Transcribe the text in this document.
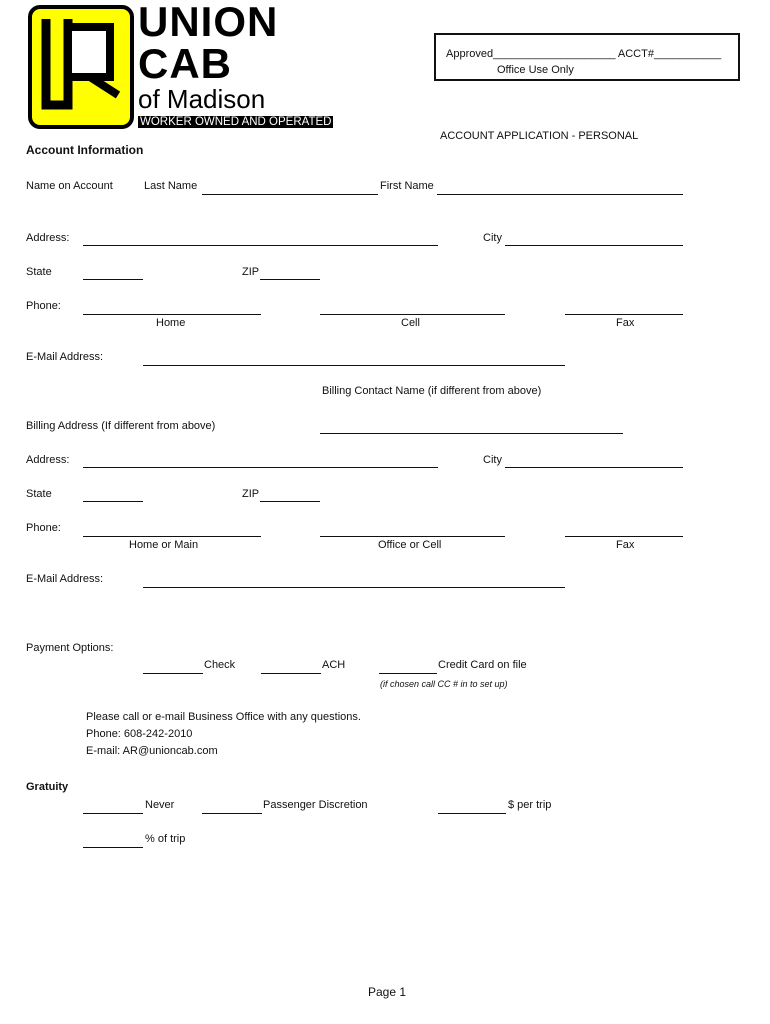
UNION
CAB
of Madison
WORKER OWNED AND OPERATED
Approved____________________ ACCT#___________
Office Use Only
ACCOUNT APPLICATION - PERSONAL
Account Information
Name on Account	Last Name	First Name
Address:	City
State	ZIP
Phone:
Home	Cell	Fax
E-Mail Address:
Billing Contact Name (if different from above)
Billing Address (If different from above)
Address:	City
State	ZIP
Phone:
Home or Main	Office or Cell	Fax
E-Mail Address:
Payment Options:
Check	ACH	Credit Card on file
(if chosen call CC # in to set up)
Please call or e-mail Business Office with any questions.
Phone: 608-242-2010
E-mail: AR@unioncab.com
Gratuity
Never	Passenger Discretion	$ per trip
% of trip
Page 1
